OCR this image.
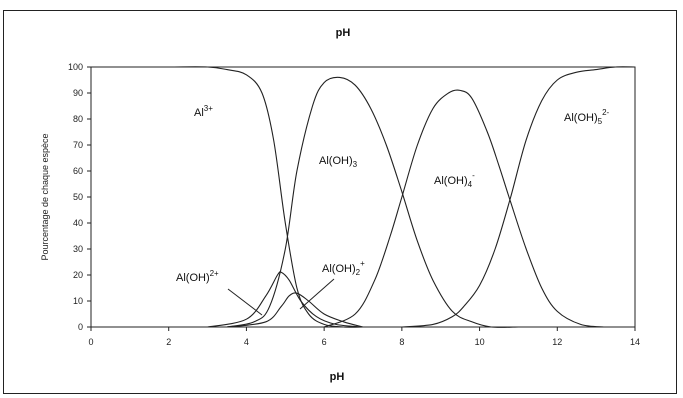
pH
0	2	4	6	8	10	12	14
0
10
20
30
40
50
60
70
80
90
100
$Al^{3+}$
$Al(OH)_3$
$Al(OH)_4^-$
$Al(OH)_5^{2-}$
Al(OH)$^{2+}$	$Al(OH)_2^+$
pH
Pourcentage de chaque espèce
